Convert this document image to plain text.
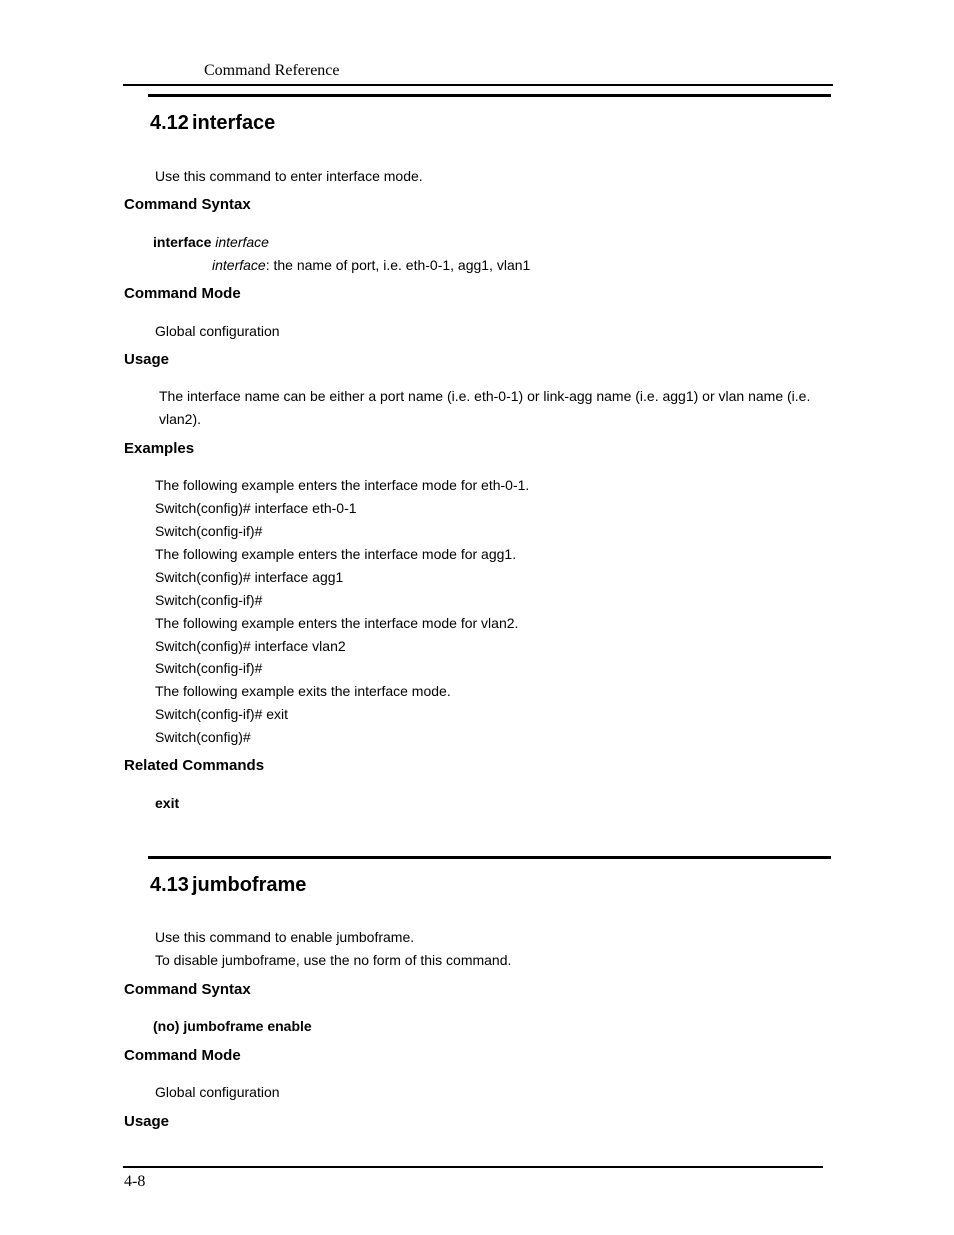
Command Reference
4.12 interface
Use this command to enter interface mode.
Command Syntax
interface interface
interface: the name of port, i.e. eth-0-1, agg1, vlan1
Command Mode
Global configuration
Usage
The interface name can be either a port name (i.e. eth-0-1) or link-agg name (i.e. agg1) or vlan name (i.e. vlan2).
Examples
The following example enters the interface mode for eth-0-1.
Switch(config)# interface eth-0-1
Switch(config-if)#
The following example enters the interface mode for agg1.
Switch(config)# interface agg1
Switch(config-if)#
The following example enters the interface mode for vlan2.
Switch(config)# interface vlan2
Switch(config-if)#
The following example exits the interface mode.
Switch(config-if)# exit
Switch(config)#
Related Commands
exit
4.13 jumboframe
Use this command to enable jumboframe.
To disable jumboframe, use the no form of this command.
Command Syntax
(no) jumboframe enable
Command Mode
Global configuration
Usage
4-8
